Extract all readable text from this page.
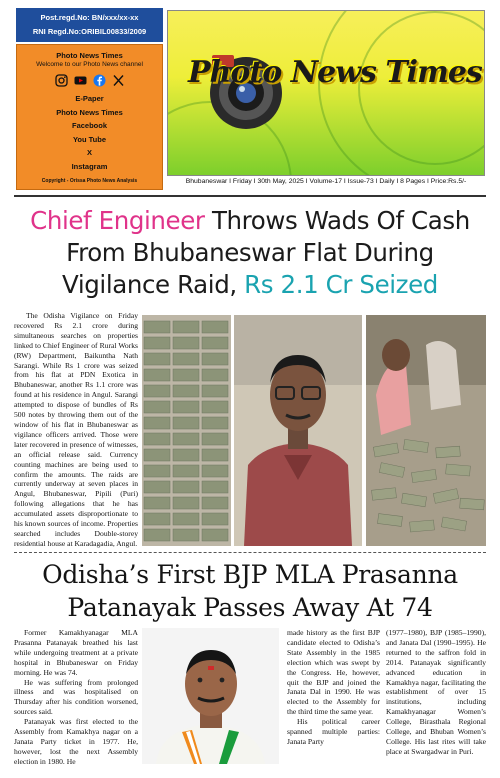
Post.regd.No: BN/xxx/xx-xx
RNI Regd.No:ORIBIL00833/2009
Photo News Times
Welcome to our Photo News channel
E-Paper
Photo News Times
Facebook
You Tube
X
Instagram
Copyright - Orissa Photo News Analysis
Photo News Times
Bhubaneswar I Friday I 30th May, 2025 I Volume-17 I Issue-73 I Daily I 8 Pages I Price:Rs.5/-
Chief Engineer Throws Wads Of Cash From Bhubaneswar Flat During Vigilance Raid, Rs 2.1 Cr Seized
The Odisha Vigilance on Friday recovered Rs 2.1 crore during simultaneous searches on properties linked to Chief Engineer of Rural Works (RW) Department, Baikuntha Nath Sarangi. While Rs 1 crore was seized from his flat at PDN Exotica in Bhubaneswar, another Rs 1.1 crore was found at his residence in Angul. Sarangi attempted to dispose of bundles of Rs 500 notes by throwing them out of the window of his flat in Bhubaneswar as vigilance officers arrived. Those were later recovered in presence of witnesses, an official release said. Currency counting machines are being used to confirm the amounts. The raids are currently underway at seven places in Angul, Bhubaneswar, Pipili (Puri) following allegations that he has accumulated assets disproportionate to his known sources of income. Properties searched includes Double-storey residential house at Karadagadia, Angul.
Odisha’s First BJP MLA Prasanna Patanayak Passes Away At 74

Former Kamakhyanagar MLA Prasanna Patanayak breathed his last while undergoing treatment at a private hospital in Bhubaneswar on Friday morning. He was 74.

He was suffering from prolonged illness and was hospitalised on Thursday after his condition worsened, sources said.

Patanayak was first elected to the Assembly from Kamakhya nagar on a Janata Party ticket in 1977. He, however, lost the next Assembly election in 1980. He

made history as the first BJP candidate elected to Odisha’s State Assembly in the 1985 election which was swept by the Congress. He, however, quit the BJP and joined the Janata Dal in 1990. He was elected to the Assembly for the third time the same year.

His political career spanned multiple parties: Janata Party

(1977–1980), BJP (1985–1990), and Janata Dal (1990–1995). He returned to the saffron fold in 2014. Patanayak significantly advanced education in Kamakhya nagar, facilitating the establishment of over 15 institutions, including Kamakhyanagar Women’s College, Birasthala Regional College, and Bhuban Women’s College. His last rites will take place at Swargadwar in Puri.
